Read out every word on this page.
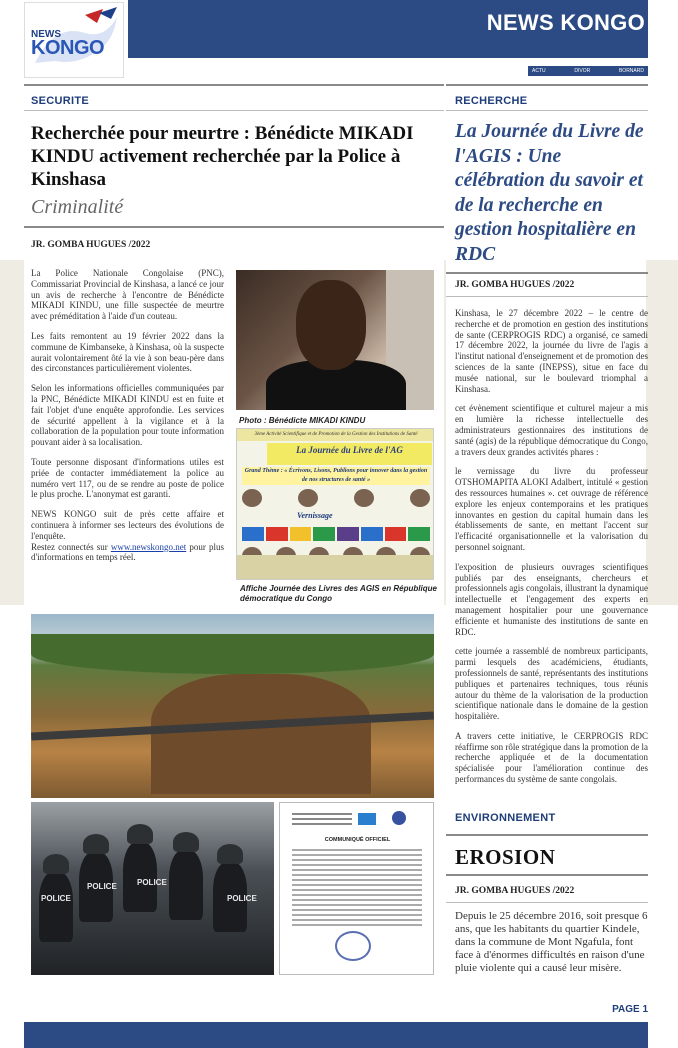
NEWS KONGO
ACTU	DIVOR	BORNARD
NEWS
KONGO
SECURITE
Recherchée pour meurtre : Bénédicte MIKADI KINDU activement recherchée par la Police à Kinshasa
Criminalité
JR. GOMBA HUGUES /2022

La Police Nationale Congolaise (PNC), Commissariat Provincial de Kinshasa, a lancé ce jour un avis de recherche à l'encontre de Bénédicte MIKADI KINDU, une fille suspectée de meurtre avec préméditation à l'aide d'un couteau.

Les faits remontent au 19 février 2022 dans la commune de Kimbanseke, à Kinshasa, où la suspecte aurait volontairement ôté la vie à son beau-père dans des circonstances particulièrement violentes.

Selon les informations officielles communiquées par la PNC, Bénédicte MIKADI KINDU est en fuite et fait l'objet d'une enquête approfondie. Les services de sécurité appellent à la vigilance et à la collaboration de la population pour toute information pouvant aider à sa localisation.

Toute personne disposant d'informations utiles est priée de contacter immédiatement la police au numéro vert 117, ou de se rendre au poste de police le plus proche. L'anonymat est garanti.

NEWS KONGO suit de près cette affaire et continuera à informer ses lecteurs des évolutions de l'enquête.

Restez connectés sur www.newskongo.net pour plus d'informations en temps réel.

Photo : Bénédicte MIKADI KINDU
3ème Activité Scientifique et de Promotion de la Gestion des Institutions de Santé
La Journée du Livre de l'AG
Grand Thème : « Écrivons, Lisons, Publions pour innover dans la gestion de nos structures de santé »
Vernissage
Affiche Journée des Livres des AGIS en République démocratique du Congo
RECHERCHE
La Journée du Livre de l'AGIS : Une célébration du savoir et de la recherche en gestion hospitalière en RDC
JR. GOMBA HUGUES /2022

Kinshasa, le 27 décembre 2022 – le centre de recherche et de promotion en gestion des institutions de sante (CERPROGIS RDC) a organisé, ce samedi 17 décembre 2022, la journée du livre de l'agis a l'institut national d'enseignement et de promotion des sciences de la sante (INEPSS), situe en face du musée national, sur le boulevard triomphal a Kinshasa.

cet évènement scientifique et culturel majeur a mis en lumière la richesse intellectuelle des administrateurs gestionnaires des institutions de santé (agis) de la république démocratique du Congo, a travers deux grandes activités phares :

le vernissage du livre du professeur OTSHOMAPITA ALOKI Adalbert, intitulé « gestion des ressources humaines ». cet ouvrage de référence explore les enjeux contemporains et les pratiques innovantes en gestion du capital humain dans les établissements de sante, en mettant l'accent sur l'efficacité organisationnelle et la valorisation du personnel soignant.

l'exposition de plusieurs ouvrages scientifiques publiés par des enseignants, chercheurs et professionnels agis congolais, illustrant la dynamique intellectuelle et l'engagement des experts en management hospitalier pour une gouvernance efficiente et humaniste des institutions de sante en RDC.

cette journée a rassemblé de nombreux participants, parmi lesquels des académiciens, étudiants, professionnels de santé, représentants des institutions publiques et partenaires techniques, tous réunis autour du thème de la valorisation de la production scientifique nationale dans le domaine de la gestion hospitalière.

A travers cette initiative, le CERPROGIS RDC réaffirme son rôle stratégique dans la promotion de la recherche appliquée et de la documentation spécialisée pour l'amélioration continue des performances du système de sante congolais.

POLICE
POLICE	POLICE
POLICE
COMMUNIQUÉ OFFICIEL
ENVIRONNEMENT
EROSION
JR. GOMBA HUGUES /2022
Depuis le 25 décembre 2016, soit presque 6 ans, que les habitants du quartier Kindele, dans la commune de Mont Ngafula, font face à d'énormes difficultés en raison d'une pluie violente qui a causé leur misère.
PAGE 1
